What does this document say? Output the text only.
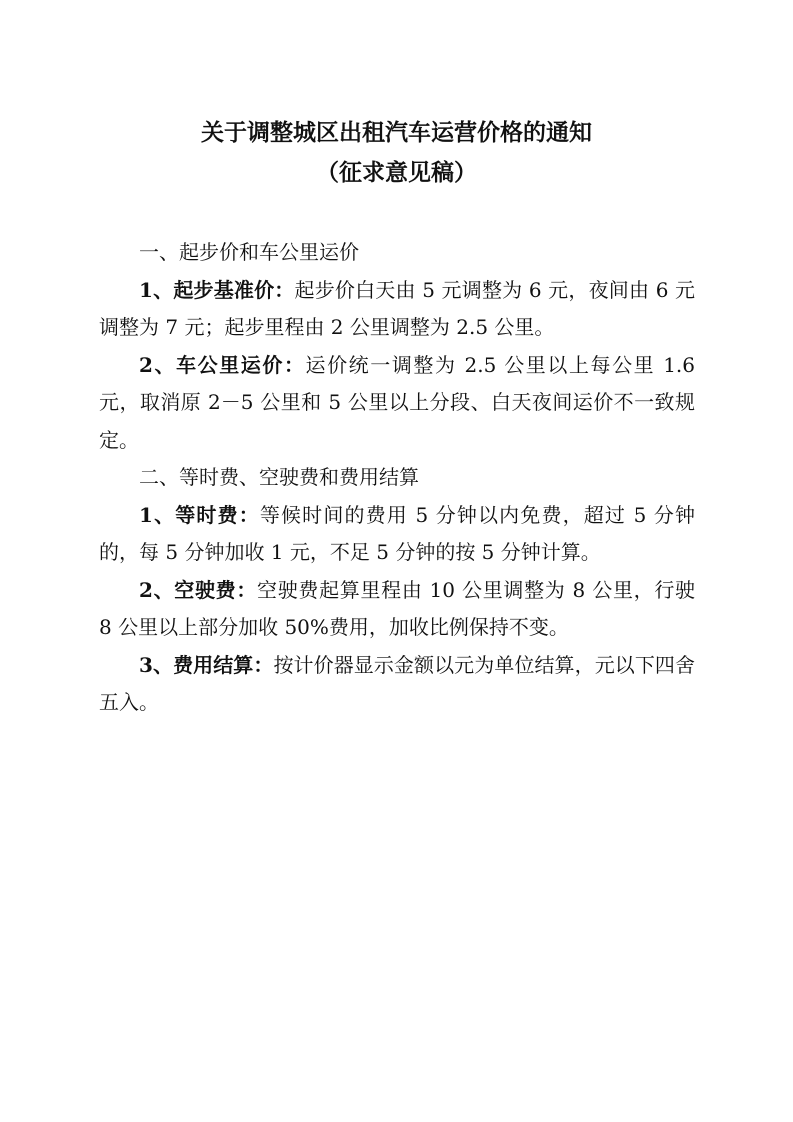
关于调整城区出租汽车运营价格的通知
（征求意见稿）

一、起步价和车公里运价

1、起步基准价：起步价白天由 5 元调整为 6 元，夜间由 6 元调整为 7 元；起步里程由 2 公里调整为 2.5 公里。

2、车公里运价：运价统一调整为 2.5 公里以上每公里 1.6 元，取消原 2－5 公里和 5 公里以上分段、白天夜间运价不一致规定。

二、等时费、空驶费和费用结算

1、等时费：等候时间的费用 5 分钟以内免费，超过 5 分钟的，每 5 分钟加收 1 元，不足 5 分钟的按 5 分钟计算。

2、空驶费：空驶费起算里程由 10 公里调整为 8 公里，行驶 8 公里以上部分加收 50%费用，加收比例保持不变。

3、费用结算：按计价器显示金额以元为单位结算，元以下四舍五入。
